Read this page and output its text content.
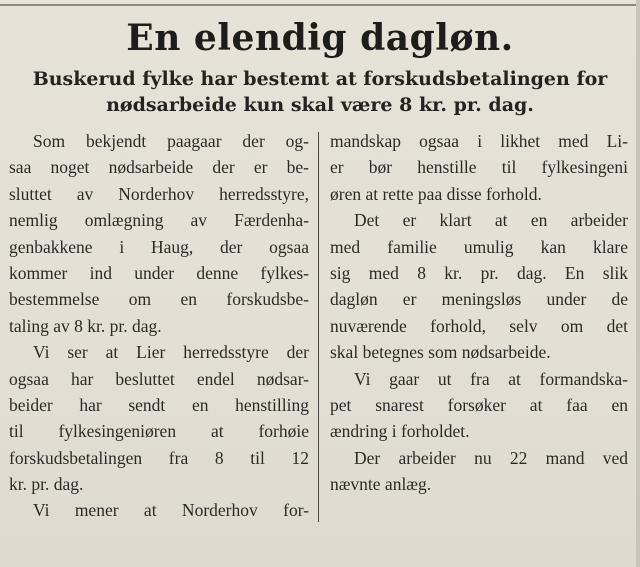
En elendig dagløn.
Buskerud fylke har bestemt at forskudsbetalingen for
nødsarbeide kun skal være 8 kr. pr. dag.
Som bekjendt paagaar der og-
saa noget nødsarbeide der er be-
sluttet av Norderhov herredsstyre,
nemlig omlægning av Færdenha-
genbakkene i Haug, der ogsaa
kommer ind under denne fylkes-
bestemmelse om en forskudsbe-
taling av 8 kr. pr. dag.
Vi ser at Lier herredsstyre der
ogsaa har besluttet endel nødsar-
beider har sendt en henstilling
til fylkesingeniøren at forhøie
forskudsbetalingen fra 8 til 12
kr. pr. dag.
Vi mener at Norderhov for-
mandskap ogsaa i likhet med Li-
er bør henstille til fylkesingeni
øren at rette paa disse forhold.
Det er klart at en arbeider
med familie umulig kan klare
sig med 8 kr. pr. dag. En slik
dagløn er meningsløs under de
nuværende forhold, selv om det
skal betegnes som nødsarbeide.
Vi gaar ut fra at formandska-
pet snarest forsøker at faa en
ændring i forholdet.
Der arbeider nu 22 mand ved
nævnte anlæg.
